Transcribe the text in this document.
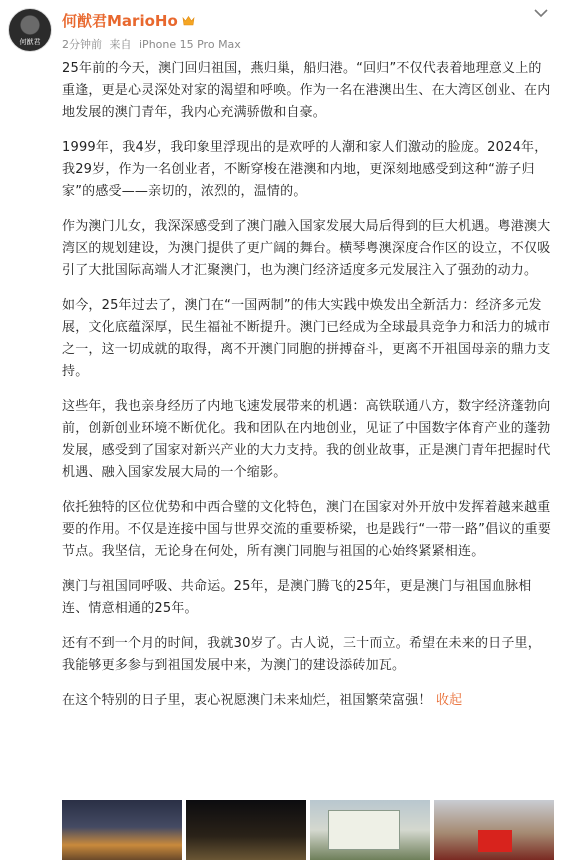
何猷君
何猷君MarioHo
2分钟前 来自 iPhone 15 Pro Max

25年前的今天，澳门回归祖国，燕归巢，船归港。“回归”不仅代表着地理意义上的重逢，更是心灵深处对家的渴望和呼唤。作为一名在港澳出生、在大湾区创业、在内地发展的澳门青年，我内心充满骄傲和自豪。

1999年，我4岁，我印象里浮现出的是欢呼的人潮和家人们激动的脸庞。2024年，我29岁，作为一名创业者，不断穿梭在港澳和内地，更深刻地感受到这种“游子归家”的感受——亲切的，浓烈的，温情的。

作为澳门儿女，我深深感受到了澳门融入国家发展大局后得到的巨大机遇。粤港澳大湾区的规划建设，为澳门提供了更广阔的舞台。横琴粤澳深度合作区的设立，不仅吸引了大批国际高端人才汇聚澳门，也为澳门经济适度多元发展注入了强劲的动力。

如今，25年过去了，澳门在“一国两制”的伟大实践中焕发出全新活力：经济多元发展，文化底蕴深厚，民生福祉不断提升。澳门已经成为全球最具竞争力和活力的城市之一，这一切成就的取得，离不开澳门同胞的拼搏奋斗，更离不开祖国母亲的鼎力支持。

这些年，我也亲身经历了内地飞速发展带来的机遇：高铁联通八方，数字经济蓬勃向前，创新创业环境不断优化。我和团队在内地创业，见证了中国数字体育产业的蓬勃发展，感受到了国家对新兴产业的大力支持。我的创业故事，正是澳门青年把握时代机遇、融入国家发展大局的一个缩影。

依托独特的区位优势和中西合璧的文化特色，澳门在国家对外开放中发挥着越来越重要的作用。不仅是连接中国与世界交流的重要桥梁，也是践行“一带一路”倡议的重要节点。我坚信，无论身在何处，所有澳门同胞与祖国的心始终紧紧相连。

澳门与祖国同呼吸、共命运。25年，是澳门腾飞的25年，更是澳门与祖国血脉相连、情意相通的25年。

还有不到一个月的时间，我就30岁了。古人说，三十而立。希望在未来的日子里，我能够更多参与到祖国发展中来，为澳门的建设添砖加瓦。

在这个特别的日子里，衷心祝愿澳门未来灿烂，祖国繁荣富强！ 收起
